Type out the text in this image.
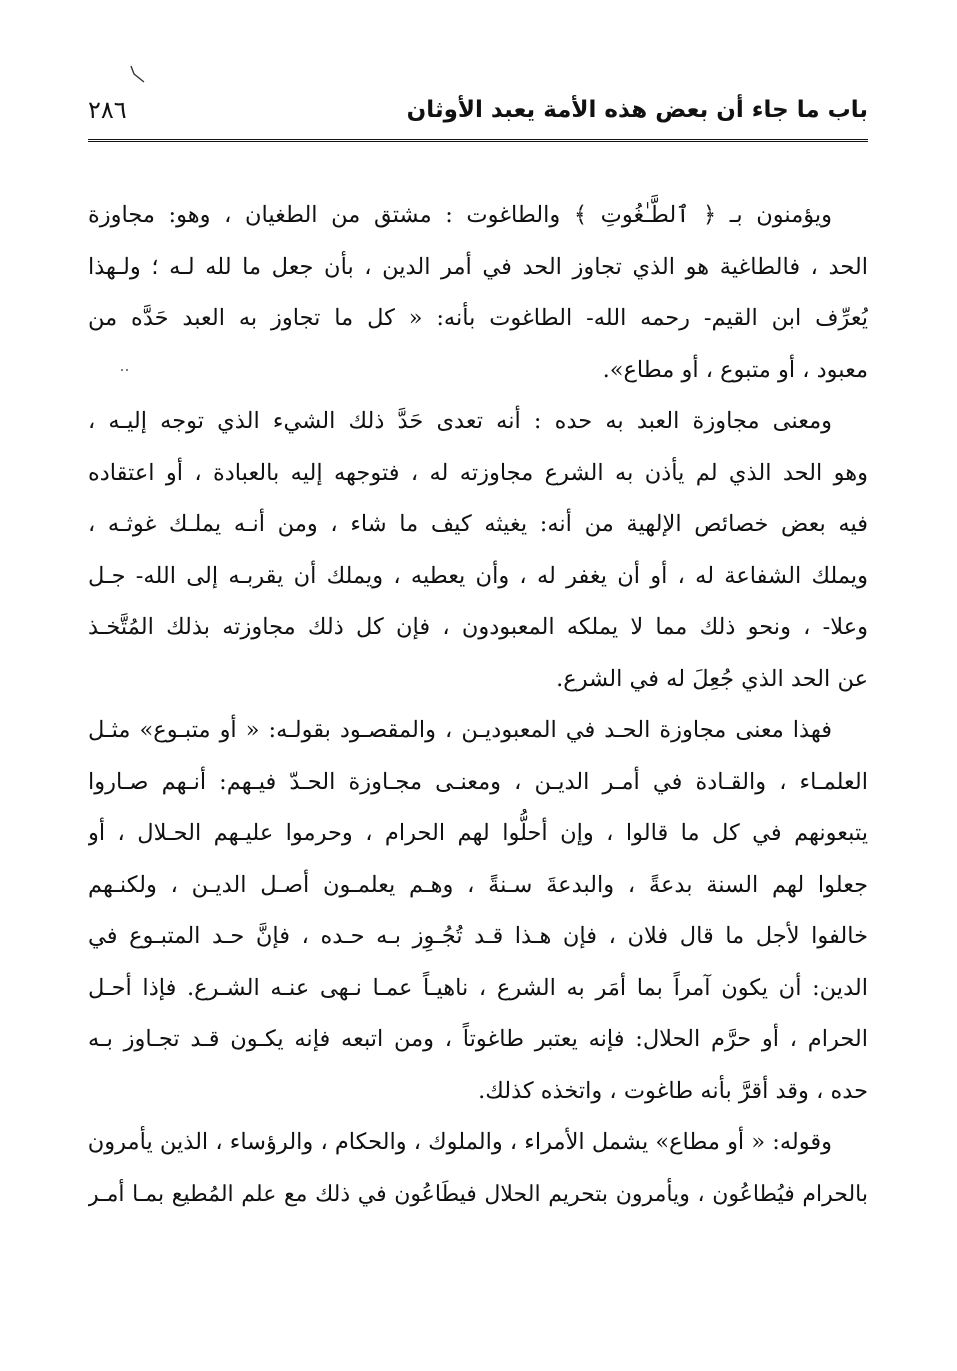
باب ما جاء أن بعض هذه الأمة يعبد الأوثان
٢٨٦
ويؤمنون بـ ﴿ ٱلطَّـٰغُوتِ ﴾ والطاغوت : مشتق من الطغيان ، وهو: مجاوزة
الحد ، فالطاغية هو الذي تجاوز الحد في أمر الدين ، بأن جعل ما لله لـه ؛ ولـهذا
يُعرِّف ابن القيم- رحمه الله- الطاغوت بأنه: « كل ما تجاوز به العبد حَدَّه من
معبود ، أو متبوع ، أو مطاع».
ومعنى مجاوزة العبد به حده : أنه تعدى حَدَّ ذلك الشيء الذي توجه إليـه ،
وهو الحد الذي لم يأذن به الشرع مجاوزته له ، فتوجهه إليه بالعبادة ، أو اعتقاده
فيه بعض خصائص الإلهية من أنه: يغيثه كيف ما شاء ، ومن أنـه يملـك غوثـه ،
ويملك الشفاعة له ، أو أن يغفر له ، وأن يعطيه ، ويملك أن يقربـه إلى الله- جـل
وعلا- ، ونحو ذلك مما لا يملكه المعبودون ، فإن كل ذلك مجاوزته بذلك المُتَّخـذ
عن الحد الذي جُعِلَ له في الشرع.
فهذا معنى مجاوزة الحـد في المعبوديـن ، والمقصـود بقولـه: « أو متبـوع» مثـل
العلمـاء ، والقـادة في أمـر الديـن ، ومعنـى مجـاوزة الحـدّ فيـهم: أنـهم صـاروا
يتبعونهم في كل ما قالوا ، وإن أحلُّوا لهم الحرام ، وحرموا عليـهم الحـلال ، أو
جعلوا لهم السنة بدعةً ، والبدعةَ سـنةً ، وهـم يعلمـون أصـل الديـن ، ولكنـهم
خالفوا لأجل ما قال فلان ، فإن هـذا قـد تُجُـوِز بـه حـده ، فإنَّ حـد المتبـوع في
الدين: أن يكون آمراً بما أمَر به الشرع ، ناهيـاً عمـا نـهى عنـه الشـرع. فإذا أحـل
الحرام ، أو حرَّم الحلال: فإنه يعتبر طاغوتاً ، ومن اتبعه فإنه يكـون قـد تجـاوز بـه
حده ، وقد أقرَّ بأنه طاغوت ، واتخذه كذلك.
وقوله: « أو مطاع» يشمل الأمراء ، والملوك ، والحكام ، والرؤساء ، الذين يأمرون
بالحرام فيُطاعُون ، ويأمرون بتحريم الحلال فيطَاعُون في ذلك مع علم المُطيع بمـا أمـر
